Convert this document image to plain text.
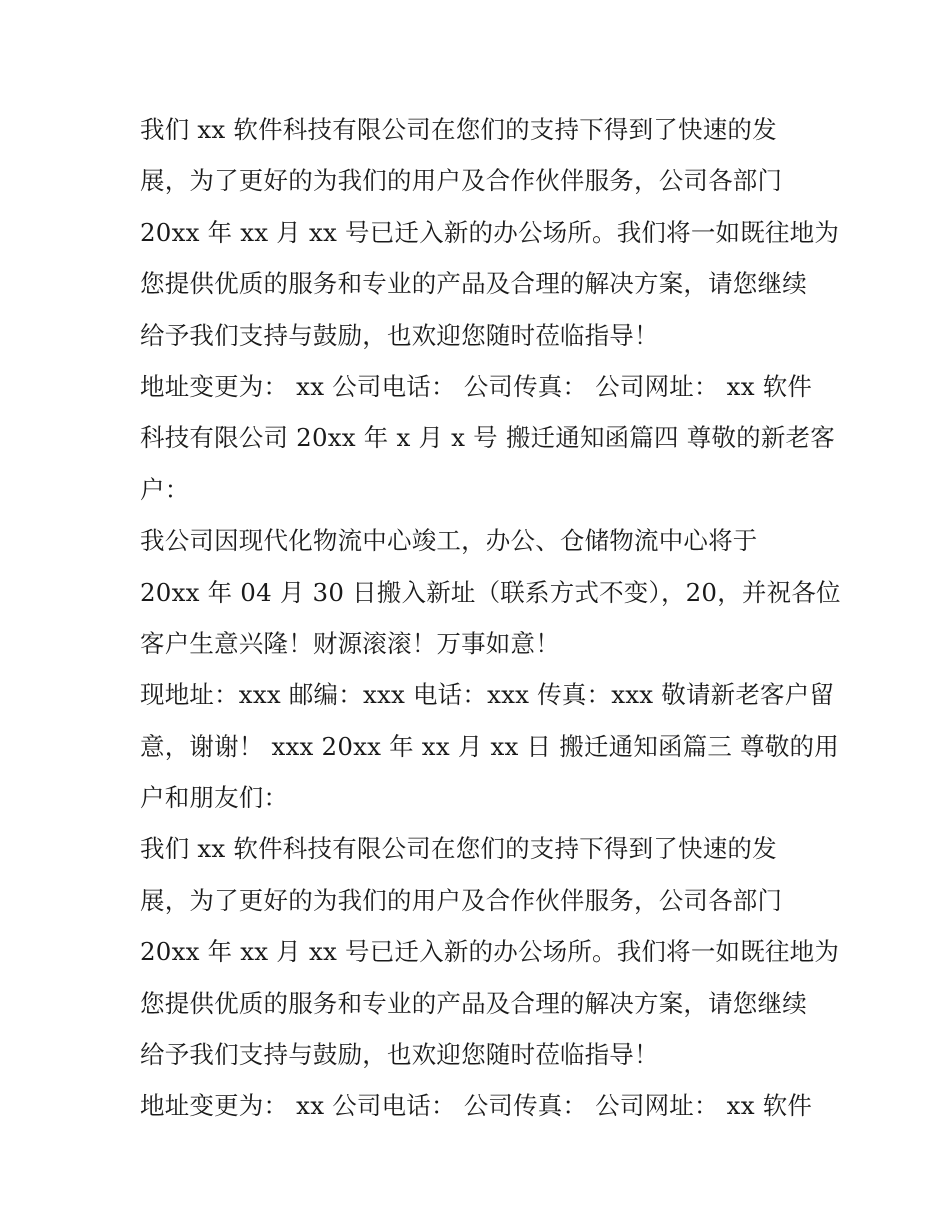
我们 xx 软件科技有限公司在您们的支持下得到了快速的发
展，为了更好的为我们的用户及合作伙伴服务，公司各部门
20xx 年 xx 月 xx 号已迁入新的办公场所。我们将一如既往地为
您提供优质的服务和专业的产品及合理的解决方案，请您继续
给予我们支持与鼓励，也欢迎您随时莅临指导！
地址变更为： xx 公司电话： 公司传真： 公司网址： xx 软件
科技有限公司 20xx 年 x 月 x 号 搬迁通知函篇四 尊敬的新老客
户：
我公司因现代化物流中心竣工，办公、仓储物流中心将于
20xx 年 04 月 30 日搬入新址（联系方式不变），20，并祝各位
客户生意兴隆！财源滚滚！万事如意！
现地址：xxx 邮编：xxx 电话：xxx 传真：xxx 敬请新老客户留
意，谢谢！ xxx 20xx 年 xx 月 xx 日 搬迁通知函篇三 尊敬的用
户和朋友们：
我们 xx 软件科技有限公司在您们的支持下得到了快速的发
展，为了更好的为我们的用户及合作伙伴服务，公司各部门
20xx 年 xx 月 xx 号已迁入新的办公场所。我们将一如既往地为
您提供优质的服务和专业的产品及合理的解决方案，请您继续
给予我们支持与鼓励，也欢迎您随时莅临指导！
地址变更为： xx 公司电话： 公司传真： 公司网址： xx 软件
